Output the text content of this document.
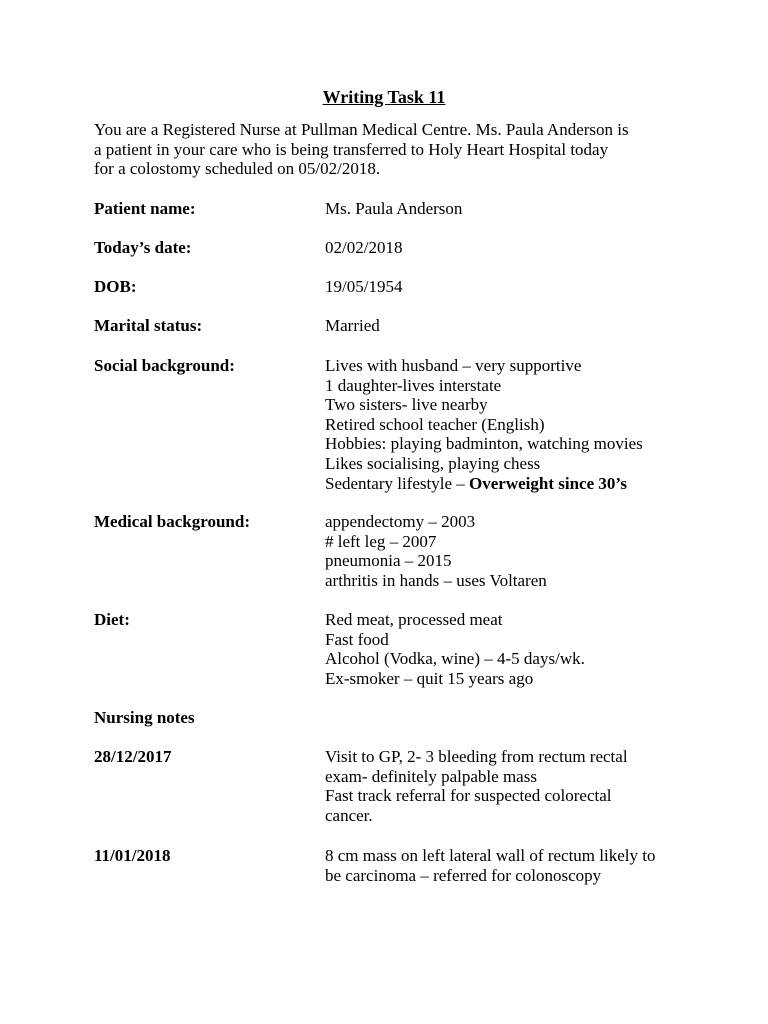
Writing Task 11
You are a Registered Nurse at Pullman Medical Centre. Ms. Paula Anderson is
a patient in your care who is being transferred to Holy Heart Hospital today
for a colostomy scheduled on 05/02/2018.
Patient name:	Ms. Paula Anderson
Today’s date:	02/02/2018
DOB:	19/05/1954
Marital status:	Married
Social background:	Lives with husband – very supportive
1 daughter-lives interstate
Two sisters- live nearby
Retired school teacher (English)
Hobbies: playing badminton, watching movies
Likes socialising, playing chess
Sedentary lifestyle – Overweight since 30’s
Medical background:	appendectomy – 2003
# left leg – 2007
pneumonia – 2015
arthritis in hands – uses Voltaren
Diet:	Red meat, processed meat
Fast food
Alcohol (Vodka, wine) – 4-5 days/wk.
Ex-smoker – quit 15 years ago
Nursing notes
28/12/2017	Visit to GP, 2- 3 bleeding from rectum rectal
exam- definitely palpable mass
Fast track referral for suspected colorectal
cancer.
11/01/2018	8 cm mass on left lateral wall of rectum likely to
be carcinoma – referred for colonoscopy
